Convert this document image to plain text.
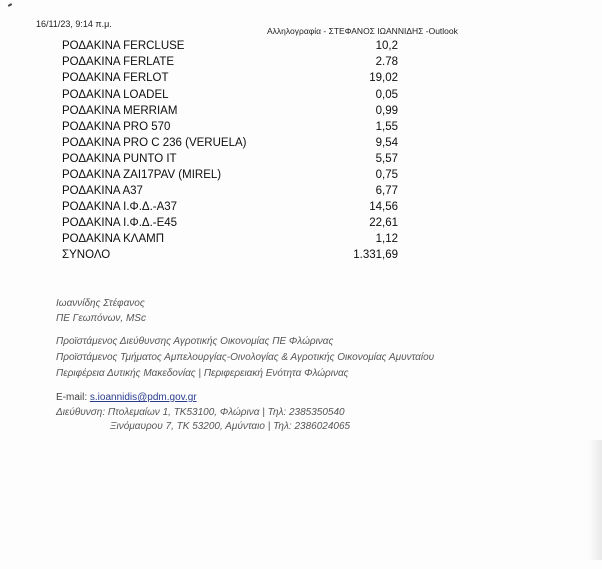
16/11/23, 9:14 π.μ.
Αλληλογραφία - ΣΤΕΦΑΝΟΣ ΙΩΑΝΝΙΔΗΣ -Outlook
ΡΟΔΑΚΙΝΑ FERCLUSE	10,2
ΡΟΔΑΚΙΝΑ FERLATE	2.78
ΡΟΔΑΚΙΝΑ FERLOT	19,02
ΡΟΔΑΚΙΝΑ LOADEL	0,05
ΡΟΔΑΚΙΝΑ MERRIAM	0,99
ΡΟΔΑΚΙΝΑ PRO 570	1,55
ΡΟΔΑΚΙΝΑ PRO C 236 (VERUELA)	9,54
ΡΟΔΑΚΙΝΑ PUNTO IT	5,57
ΡΟΔΑΚΙΝΑ ZAI17PAV (MIREL)	0,75
ΡΟΔΑΚΙΝΑ Α37	6,77
ΡΟΔΑΚΙΝΑ Ι.Φ.Δ.-Α37	14,56
ΡΟΔΑΚΙΝΑ Ι.Φ.Δ.-Ε45	22,61
ΡΟΔΑΚΙΝΑ ΚΛΑΜΠ	1,12
ΣΥΝΟΛΟ	1.331,69
Ιωαννίδης Στέφανος
ΠΕ Γεωπόνων, MSc
Προϊστάμενος Διεύθυνσης Αγροτικής Οικονομίας ΠΕ Φλώρινας
Προϊστάμενος Τμήματος Αμπελουργίας-Οινολογίας & Αγροτικής Οικονομίας Αμυνταίου
Περιφέρεια Δυτικής Μακεδονίας | Περιφερειακή Ενότητα Φλώρινας
E-mail: s.ioannidis@pdm.gov.gr
Διεύθυνση: Πτολεμαίων 1, ΤΚ53100, Φλώρινα | Τηλ: 2385350540
Ξινόμαυρου 7, ΤΚ 53200, Αμύνταιο | Τηλ: 2386024065
